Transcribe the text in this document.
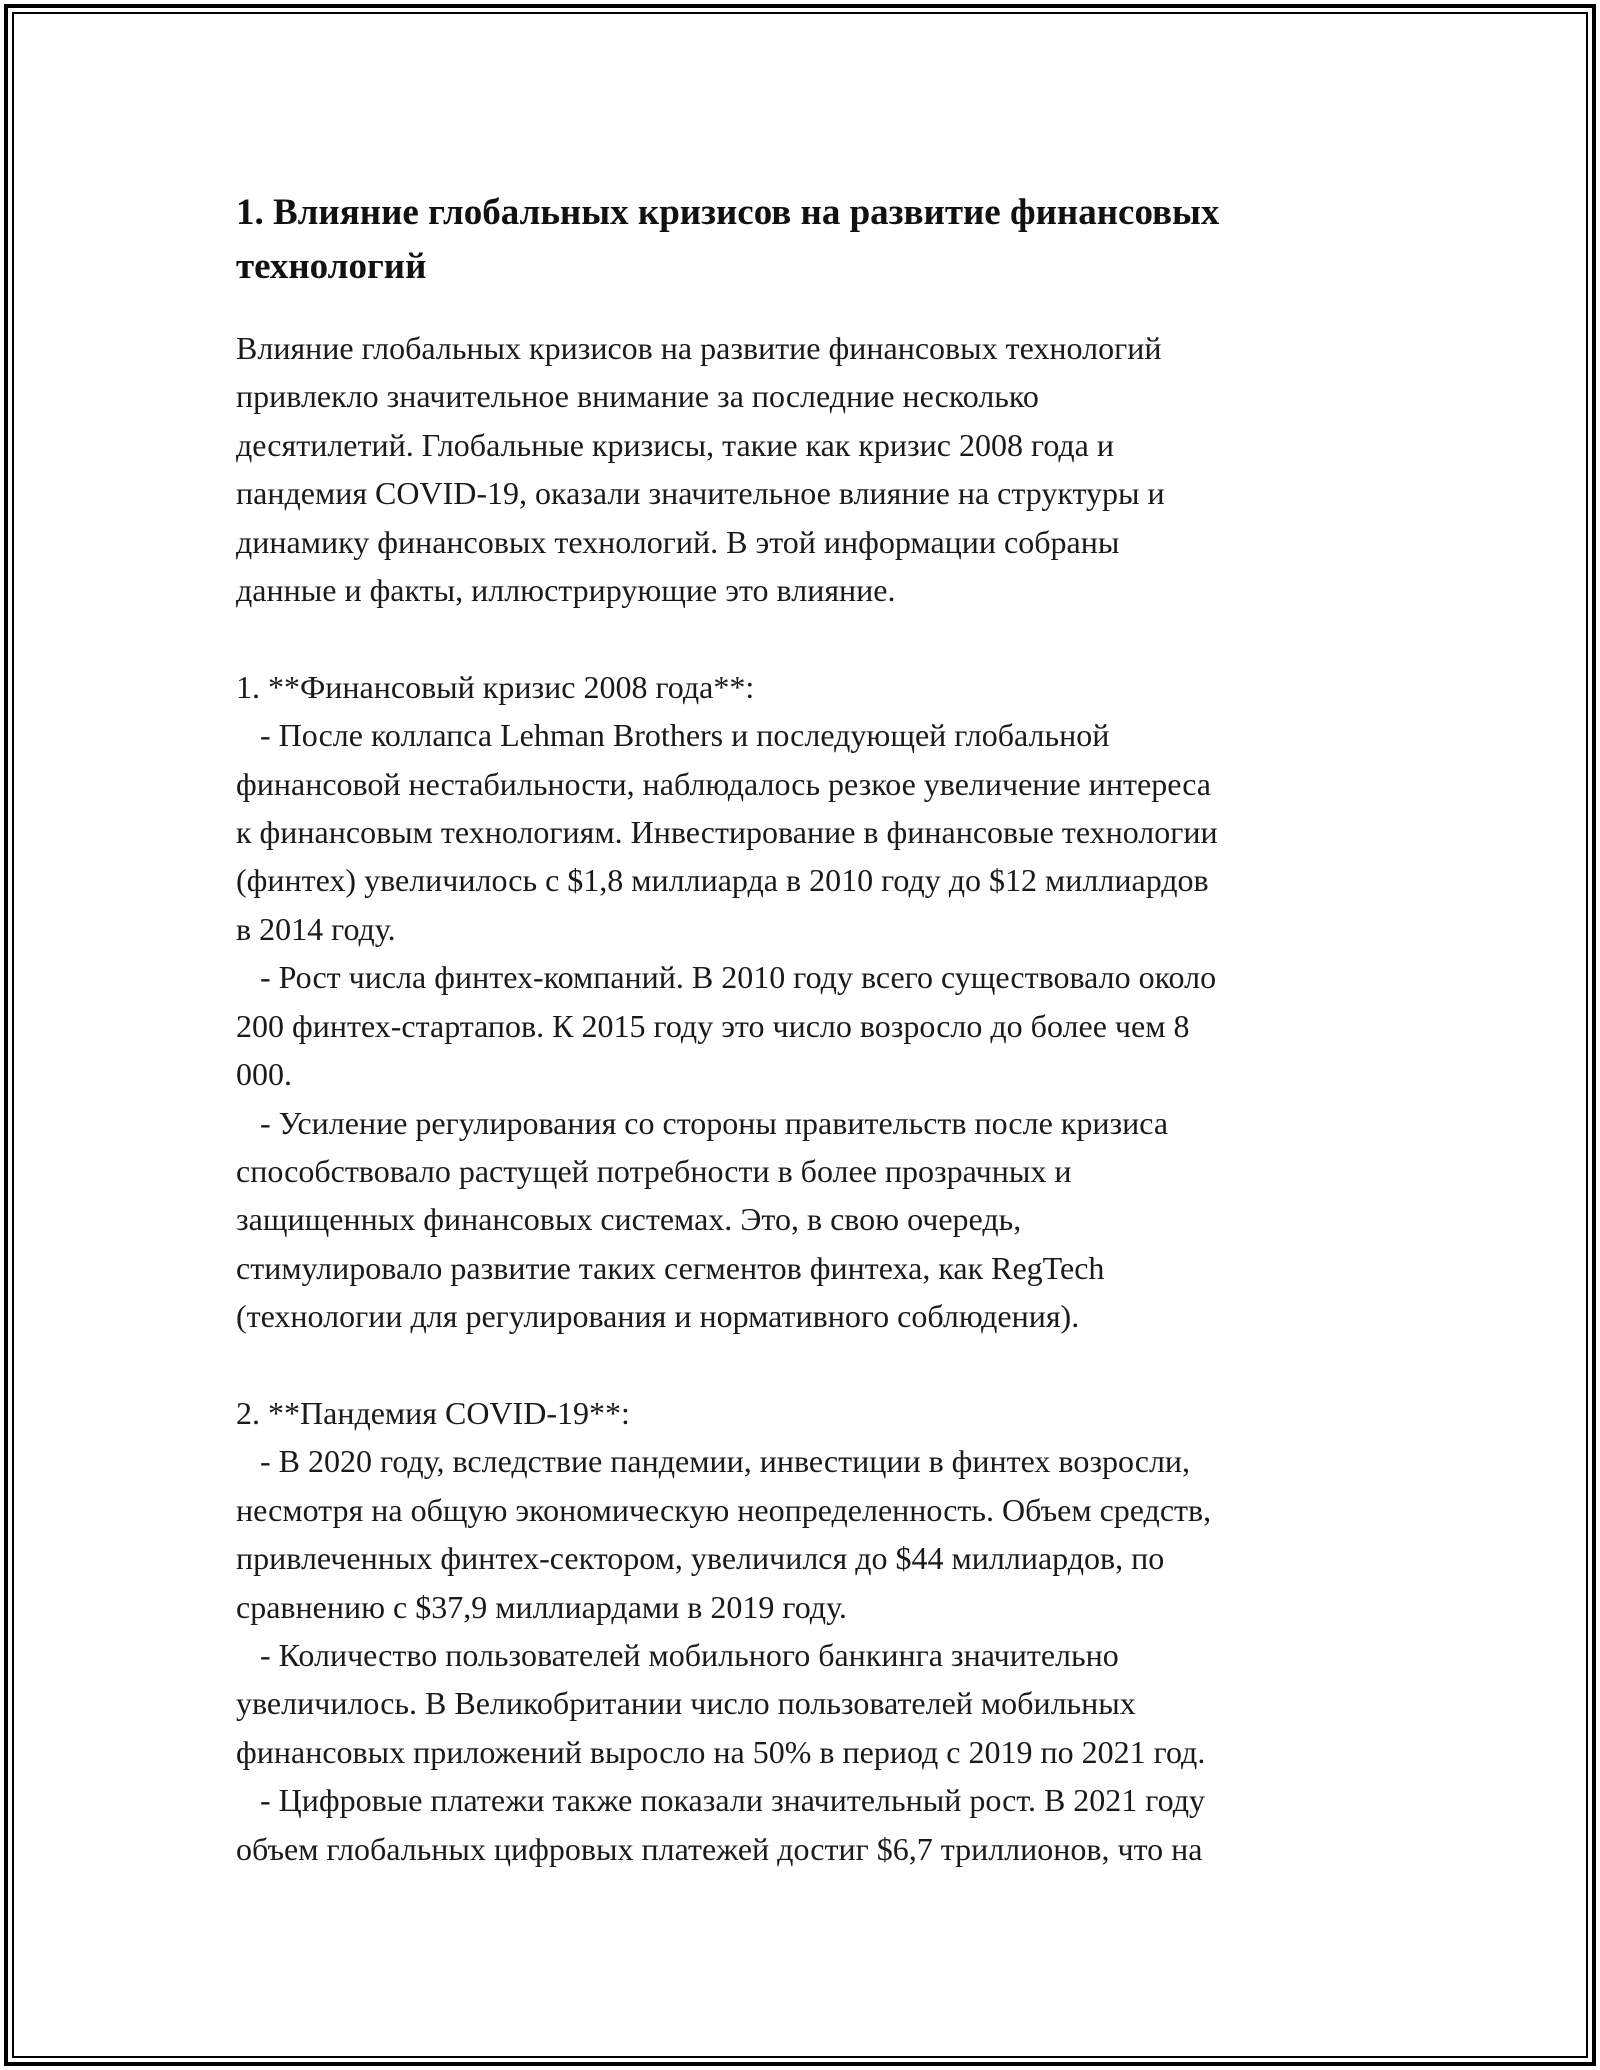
1. Влияние глобальных кризисов на развитие финансовых
технологий

Влияние глобальных кризисов на развитие финансовых технологий
привлекло значительное внимание за последние несколько
десятилетий. Глобальные кризисы, такие как кризис 2008 года и
пандемия COVID-19, оказали значительное влияние на структуры и
динамику финансовых технологий. В этой информации собраны
данные и факты, иллюстрирующие это влияние.

1. **Финансовый кризис 2008 года**:
- После коллапса Lehman Brothers и последующей глобальной
финансовой нестабильности, наблюдалось резкое увеличение интереса
к финансовым технологиям. Инвестирование в финансовые технологии
(финтех) увеличилось с $1,8 миллиарда в 2010 году до $12 миллиардов
в 2014 году.
- Рост числа финтех-компаний. В 2010 году всего существовало около
200 финтех-стартапов. К 2015 году это число возросло до более чем 8
000.
- Усиление регулирования со стороны правительств после кризиса
способствовало растущей потребности в более прозрачных и
защищенных финансовых системах. Это, в свою очередь,
стимулировало развитие таких сегментов финтеха, как RegTech
(технологии для регулирования и нормативного соблюдения).

2. **Пандемия COVID-19**:
- В 2020 году, вследствие пандемии, инвестиции в финтех возросли,
несмотря на общую экономическую неопределенность. Объем средств,
привлеченных финтех-сектором, увеличился до $44 миллиардов, по
сравнению с $37,9 миллиардами в 2019 году.
- Количество пользователей мобильного банкинга значительно
увеличилось. В Великобритании число пользователей мобильных
финансовых приложений выросло на 50% в период с 2019 по 2021 год.
- Цифровые платежи также показали значительный рост. В 2021 году
объем глобальных цифровых платежей достиг $6,7 триллионов, что на
